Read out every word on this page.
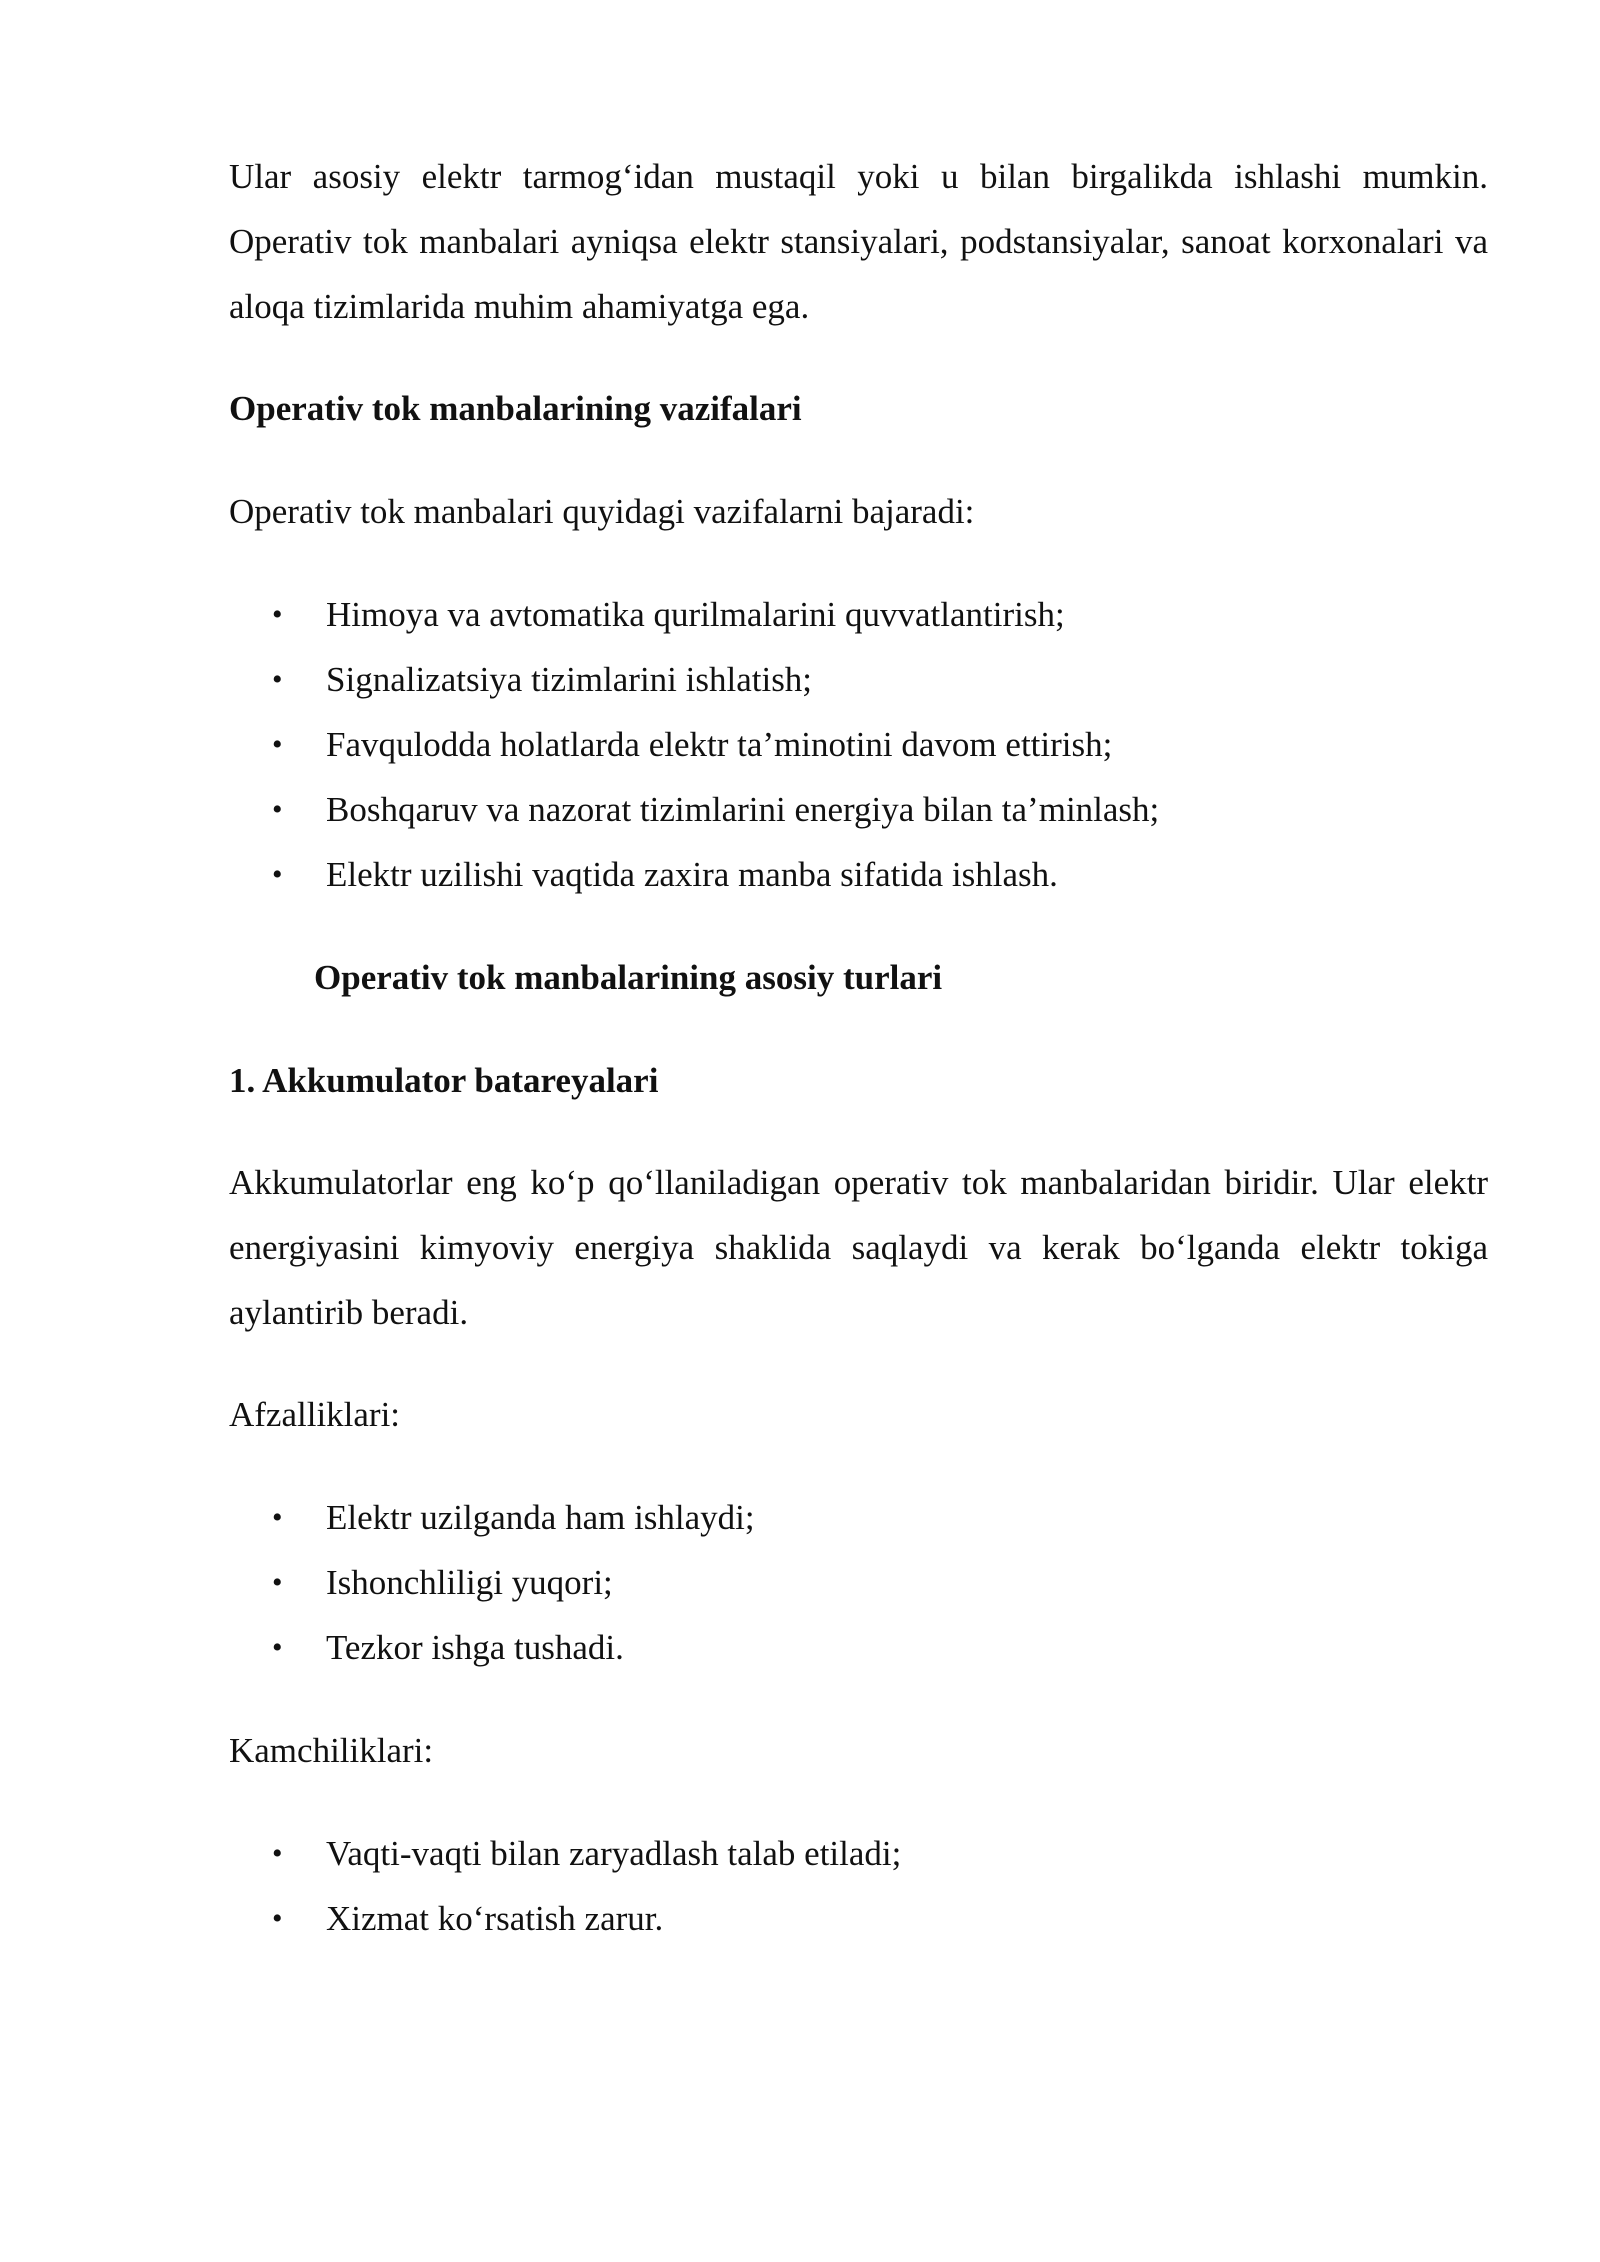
Ular asosiy elektr tarmog‘idan mustaqil yoki u bilan birgalikda ishlashi mumkin. Operativ tok manbalari ayniqsa elektr stansiyalari, podstansiyalar, sanoat korxonalari va aloqa tizimlarida muhim ahamiyatga ega.

Operativ tok manbalarining vazifalari

Operativ tok manbalari quyidagi vazifalarni bajaradi:

• Himoya va avtomatika qurilmalarini quvvatlantirish;
• Signalizatsiya tizimlarini ishlatish;
• Favqulodda holatlarda elektr ta’minotini davom ettirish;
• Boshqaruv va nazorat tizimlarini energiya bilan ta’minlash;
• Elektr uzilishi vaqtida zaxira manba sifatida ishlash.
Operativ tok manbalarining asosiy turlari
1. Akkumulator batareyalari

Akkumulatorlar eng ko‘p qo‘llaniladigan operativ tok manbalaridan biridir. Ular elektr energiyasini kimyoviy energiya shaklida saqlaydi va kerak bo‘lganda elektr tokiga aylantirib beradi.

Afzalliklari:

• Elektr uzilganda ham ishlaydi;
• Ishonchliligi yuqori;
• Tezkor ishga tushadi.

Kamchiliklari:

• Vaqti-vaqti bilan zaryadlash talab etiladi;
• Xizmat ko‘rsatish zarur.
